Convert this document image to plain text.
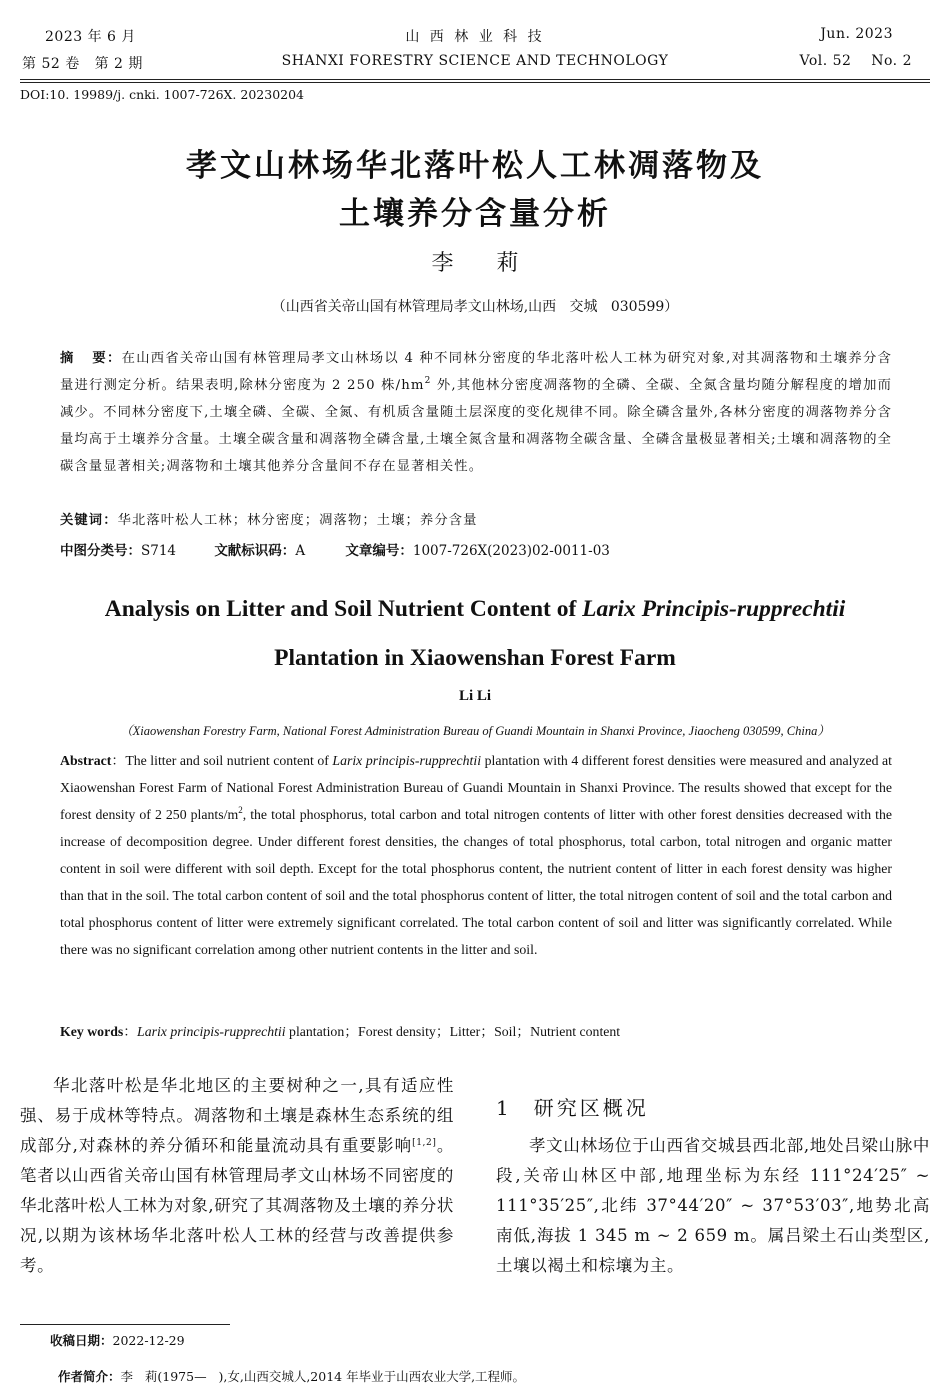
2023 年 6 月	山 西 林 业 科 技	Jun. 2023
第 52 卷   第 2 期	SHANXI FORESTRY SCIENCE AND TECHNOLOGY	Vol. 52    No. 2
DOI:10. 19989/j. cnki. 1007-726X. 20230204
孝文山林场华北落叶松人工林凋落物及
土壤养分含量分析
李 莉
（山西省关帝山国有林管理局孝文山林场,山西   交城   030599）
摘   要：在山西省关帝山国有林管理局孝文山林场以 4 种不同林分密度的华北落叶松人工林为研究对象,对其凋落物和土壤养分含量进行测定分析。结果表明,除林分密度为 2 250 株$/hm^2$ 外,其他林分密度凋落物的全磷、全碳、全氮含量均随分解程度的增加而减少。不同林分密度下,土壤全磷、全碳、全氮、有机质含量随土层深度的变化规律不同。除全磷含量外,各林分密度的凋落物养分含量均高于土壤养分含量。土壤全碳含量和凋落物全磷含量,土壤全氮含量和凋落物全碳含量、全磷含量极显著相关;土壤和凋落物的全碳含量显著相关;凋落物和土壤其他养分含量间不存在显著相关性。
关键词：华北落叶松人工林；林分密度；凋落物；土壤；养分含量
中图分类号：S714	文献标识码：A	文章编号：1007-726X(2023)02-0011-03
Analysis on Litter and Soil Nutrient Content of Larix Principis-rupprechtii
Plantation in Xiaowenshan Forest Farm
Li Li
（Xiaowenshan Forestry Farm, National Forest Administration Bureau of Guandi Mountain in Shanxi Province, Jiaocheng 030599, China）
Abstract：The litter and soil nutrient content of Larix principis-rupprechtii plantation with 4 different forest densities were measured and analyzed at Xiaowenshan Forest Farm of National Forest Administration Bureau of Guandi Mountain in Shanxi Province. The results showed that except for the forest density of 2 250 plants/$m^2$, the total phosphorus, total carbon and total nitrogen contents of litter with other forest densities decreased with the increase of decomposition degree. Under different forest densities, the changes of total phosphorus, total carbon, total nitrogen and organic matter content in soil were different with soil depth. Except for the total phosphorus content, the nutrient content of litter in each forest density was higher than that in the soil. The total carbon content of soil and the total phosphorus content of litter, the total nitrogen content of soil and the total carbon and total phosphorus content of litter were extremely significant correlated. The total carbon content of soil and litter was significantly correlated. While there was no significant correlation among other nutrient contents in the litter and soil.
Key words：Larix principis-rupprechtii plantation；Forest density；Litter；Soil；Nutrient content

华北落叶松是华北地区的主要树种之一,具有适应性强、易于成林等特点。凋落物和土壤是森林生态系统的组成部分,对森林的养分循环和能量流动具有重要影响[1,2]。笔者以山西省关帝山国有林管理局孝文山林场不同密度的华北落叶松人工林为对象,研究了其凋落物及土壤的养分状况,以期为该林场华北落叶松人工林的经营与改善提供参考。

1 研究区概况

孝文山林场位于山西省交城县西北部,地处吕梁山脉中段,关帝山林区中部,地理坐标为东经 111°24′25″ ~ 111°35′25″,北纬 37°44′20″ ~ 37°53′03″,地势北高南低,海拔 1 345 m ~ 2 659 m。属吕梁土石山类型区,土壤以褐土和棕壤为主。

收稿日期：2022-12-29

作者简介：李   莉(1975—   ),女,山西交城人,2014 年毕业于山西农业大学,工程师。
